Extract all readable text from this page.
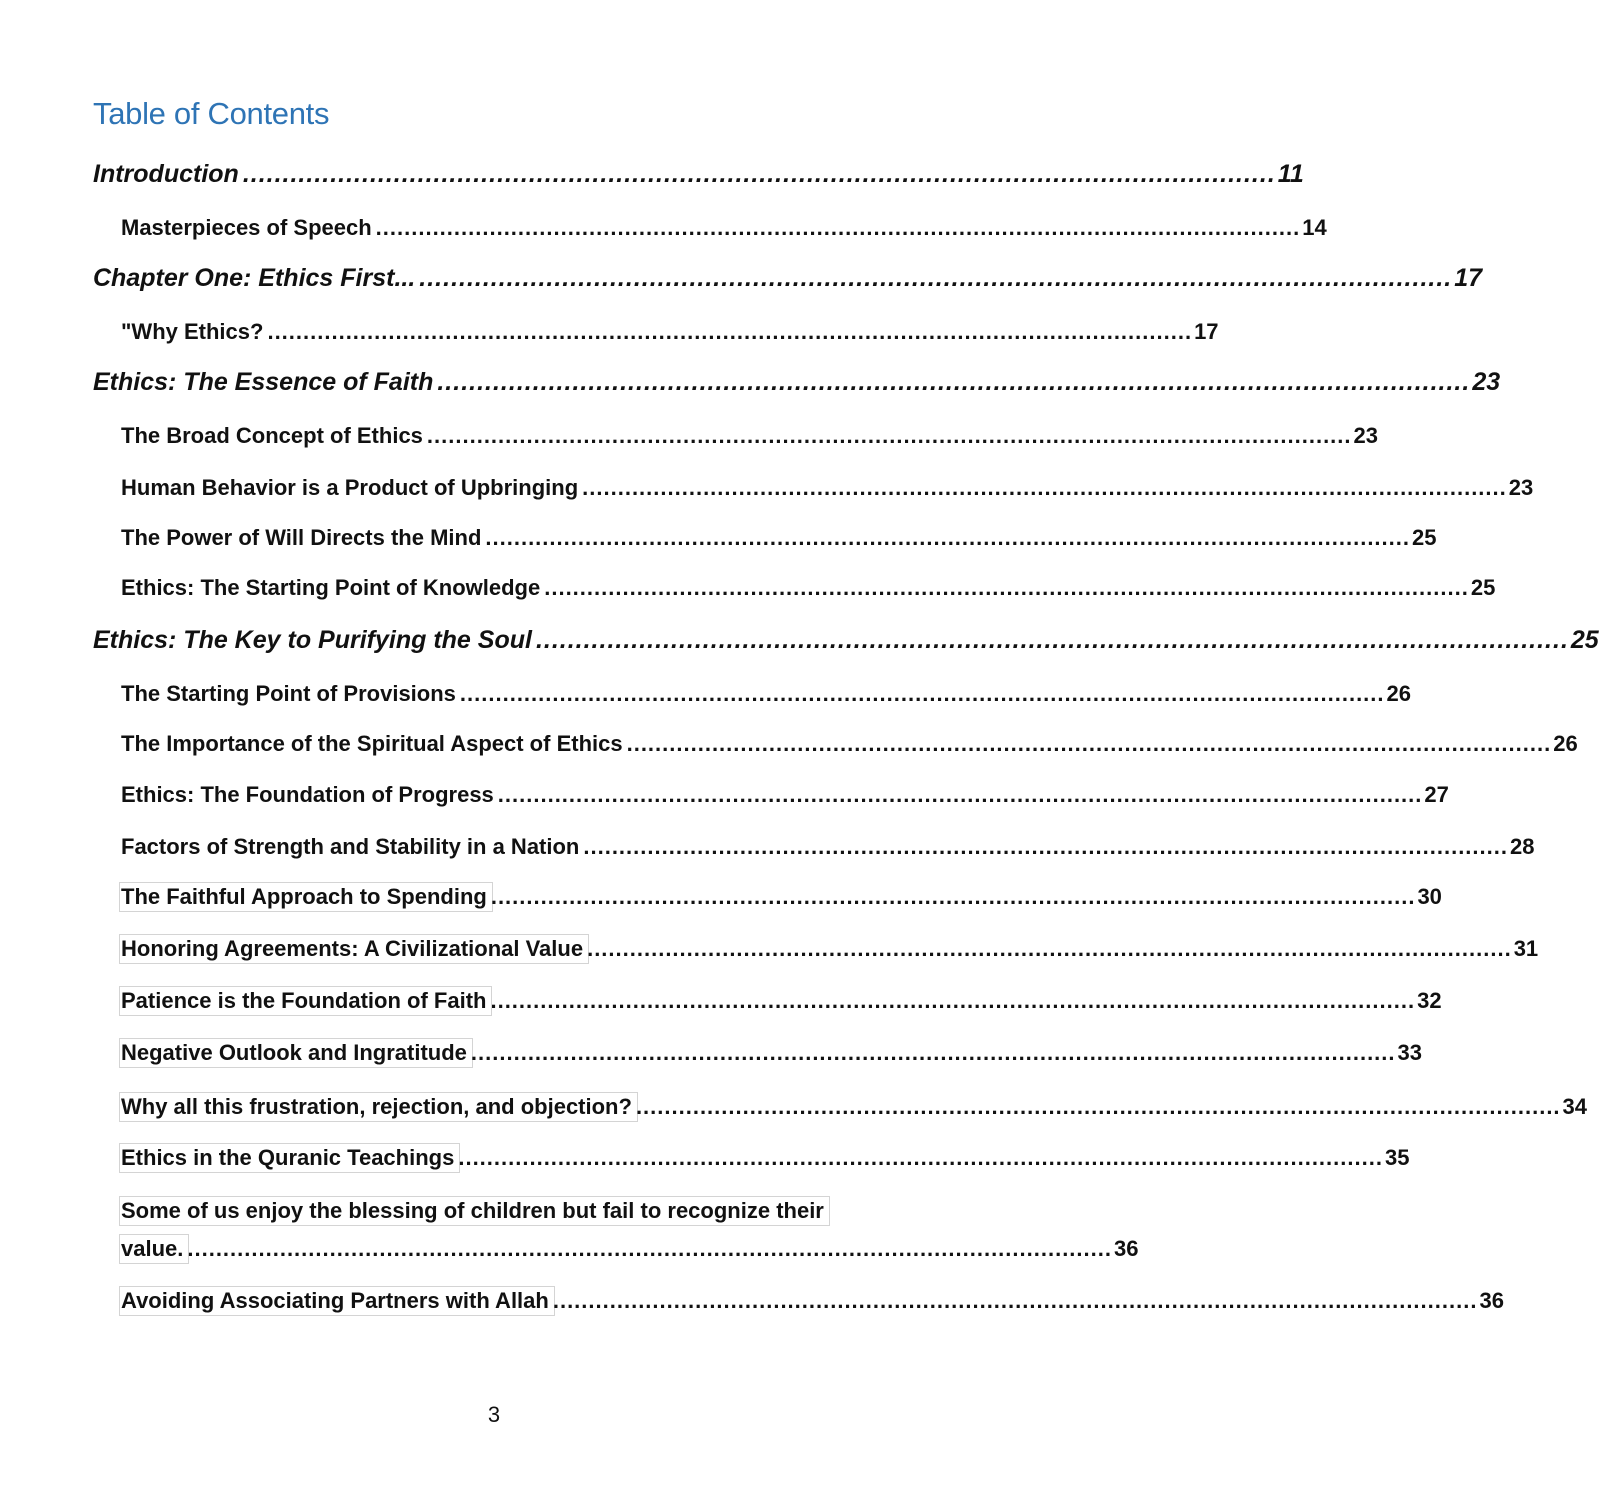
Table of Contents
Introduction .................................................................................................................................. 11
Masterpieces of Speech .................................................................................................................................. 14
Chapter One: Ethics First... .................................................................................................................................. 17
"Why Ethics? .................................................................................................................................. 17
Ethics: The Essence of Faith .................................................................................................................................. 23
The Broad Concept of Ethics .................................................................................................................................. 23
Human Behavior is a Product of Upbringing .................................................................................................................................. 23
The Power of Will Directs the Mind .................................................................................................................................. 25
Ethics: The Starting Point of Knowledge .................................................................................................................................. 25
Ethics: The Key to Purifying the Soul .................................................................................................................................. 25
The Starting Point of Provisions .................................................................................................................................. 26
The Importance of the Spiritual Aspect of Ethics .................................................................................................................................. 26
Ethics: The Foundation of Progress .................................................................................................................................. 27
Factors of Strength and Stability in a Nation .................................................................................................................................. 28
The Faithful Approach to Spending .................................................................................................................................. 30
Honoring Agreements: A Civilizational Value .................................................................................................................................. 31
Patience is the Foundation of Faith .................................................................................................................................. 32
Negative Outlook and Ingratitude .................................................................................................................................. 33
Why all this frustration, rejection, and objection? .................................................................................................................................. 34
Ethics in the Quranic Teachings .................................................................................................................................. 35
Some of us enjoy the blessing of children but fail to recognize their
value. .................................................................................................................................. 36
Avoiding Associating Partners with Allah .................................................................................................................................. 36
3
